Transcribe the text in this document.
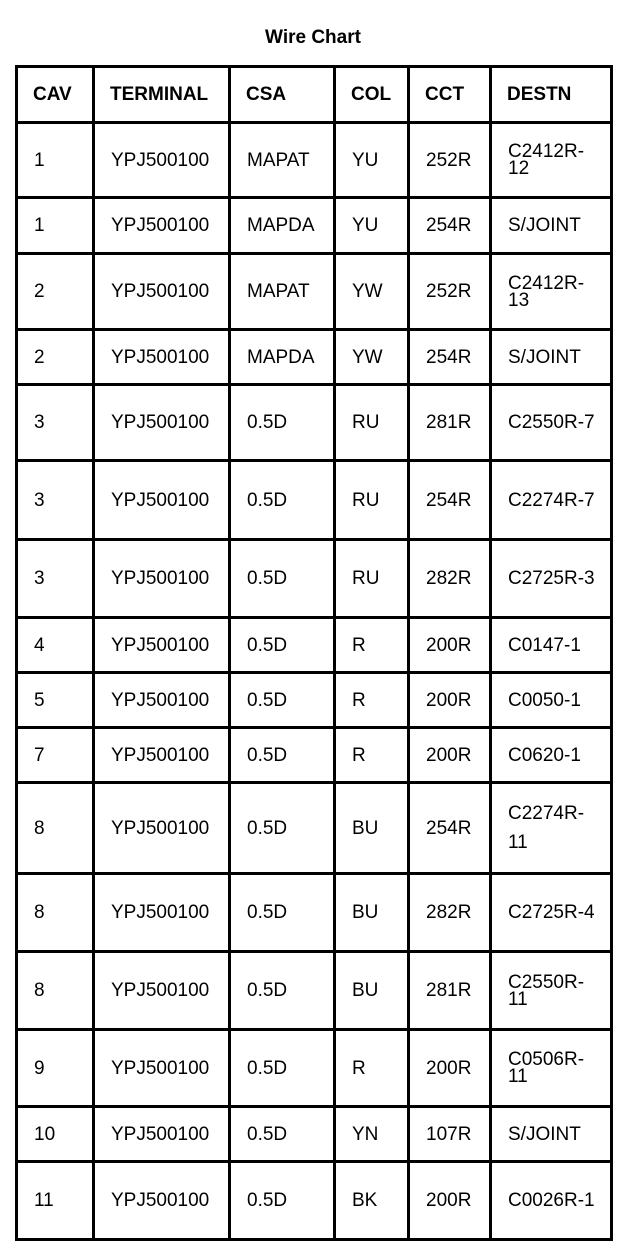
Wire Chart
CAV	TERMINAL	CSA	COL	CCT	DESTN
1	YPJ500100	MAPAT	YU	252R	C2412R-12

1	YPJ500100	MAPDA	YU	254R	S/JOINT

2	YPJ500100	MAPAT	YW	252R	C2412R-13

2	YPJ500100	MAPDA	YW	254R	S/JOINT

3	YPJ500100	0.5D	RU	281R	C2550R-7

3	YPJ500100	0.5D	RU	254R	C2274R-7

3	YPJ500100	0.5D	RU	282R	C2725R-3

4	YPJ500100	0.5D	R	200R	C0147-1

5	YPJ500100	0.5D	R	200R	C0050-1

7	YPJ500100	0.5D	R	200R	C0620-1

8	YPJ500100	0.5D	BU	254R	C2274R-11

8	YPJ500100	0.5D	BU	282R	C2725R-4

8	YPJ500100	0.5D	BU	281R	C2550R-11

9	YPJ500100	0.5D	R	200R	C0506R-11

10	YPJ500100	0.5D	YN	107R	S/JOINT

11	YPJ500100	0.5D	BK	200R	C0026R-1
